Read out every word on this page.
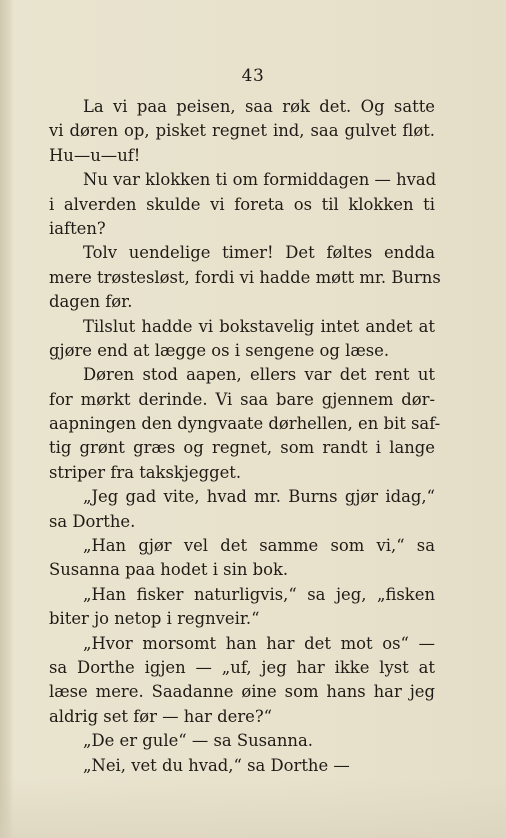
43
La vi paa peisen, saa røk det. Og satte
vi døren op, pisket regnet ind, saa gulvet fløt.
Hu—u—uf!
Nu var klokken ti om formiddagen — hvad
i alverden skulde vi foreta os til klokken ti
iaften?
Tolv uendelige timer! Det føltes endda
mere trøstesløst, fordi vi hadde møtt mr. Burns
dagen før.
Tilslut hadde vi bokstavelig intet andet at
gjøre end at lægge os i sengene og læse.
Døren stod aapen, ellers var det rent ut
for mørkt derinde. Vi saa bare gjennem dør-
aapningen den dyngvaate dørhellen, en bit saf-
tig grønt græs og regnet, som randt i lange
striper fra takskjegget.
„Jeg gad vite, hvad mr. Burns gjør idag,“
sa Dorthe.
„Han gjør vel det samme som vi,“ sa
Susanna paa hodet i sin bok.
„Han fisker naturligvis,“ sa jeg, „fisken
biter jo netop i regnveir.“
„Hvor morsomt han har det mot os“ —
sa Dorthe igjen — „uf, jeg har ikke lyst at
læse mere. Saadanne øine som hans har jeg
aldrig set før — har dere?“
„De er gule“ — sa Susanna.
„Nei, vet du hvad,“ sa Dorthe —
